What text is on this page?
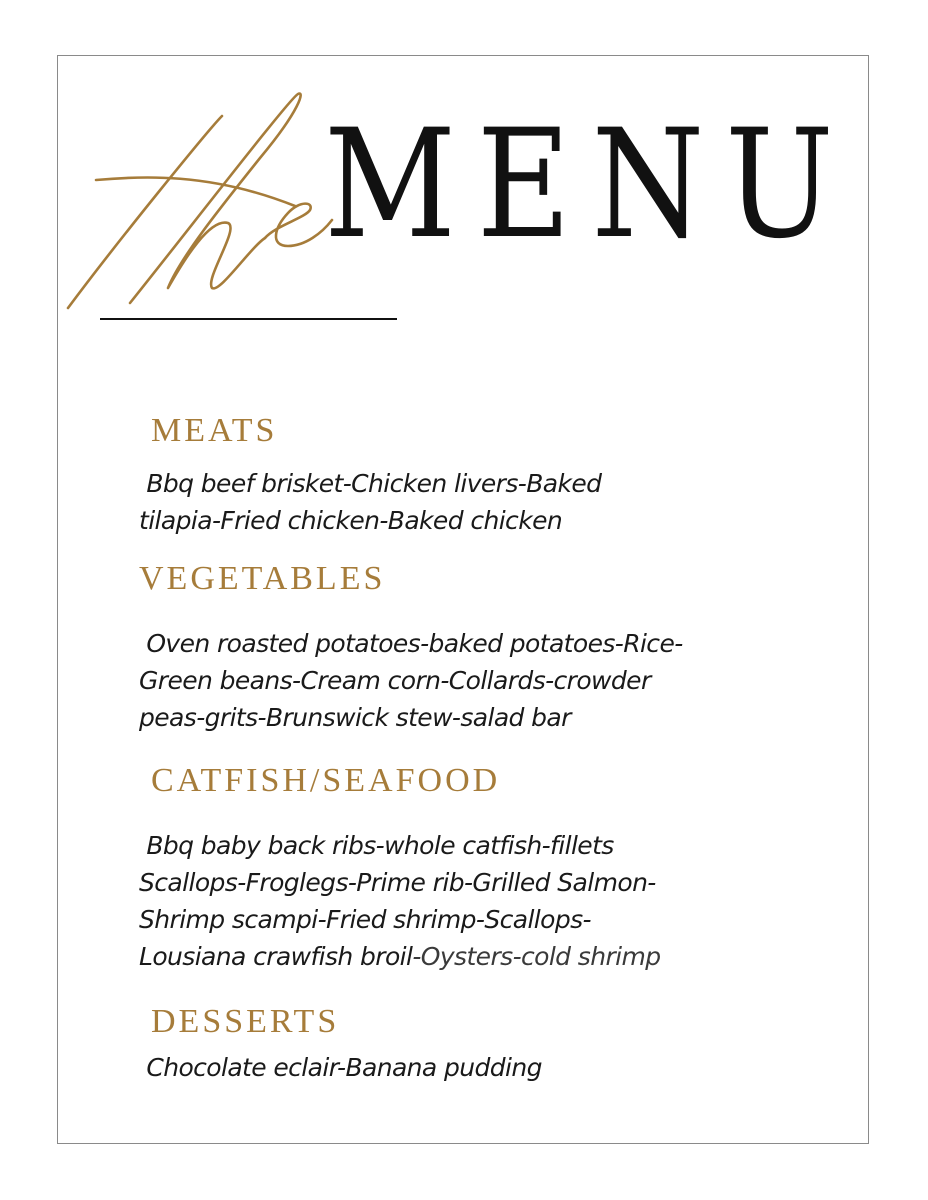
MENU
MEATS
Bbq beef brisket-Chicken livers-Baked
tilapia-Fried chicken-Baked chicken
VEGETABLES
Oven roasted potatoes-baked potatoes-Rice-
Green beans-Cream corn-Collards-crowder
peas-grits-Brunswick stew-salad bar
CATFISH/SEAFOOD
Bbq baby back ribs-whole catfish-fillets
Scallops-Froglegs-Prime rib-Grilled Salmon-
Shrimp scampi-Fried shrimp-Scallops-
Lousiana crawfish broil-Oysters-cold shrimp
DESSERTS
Chocolate eclair-Banana pudding
